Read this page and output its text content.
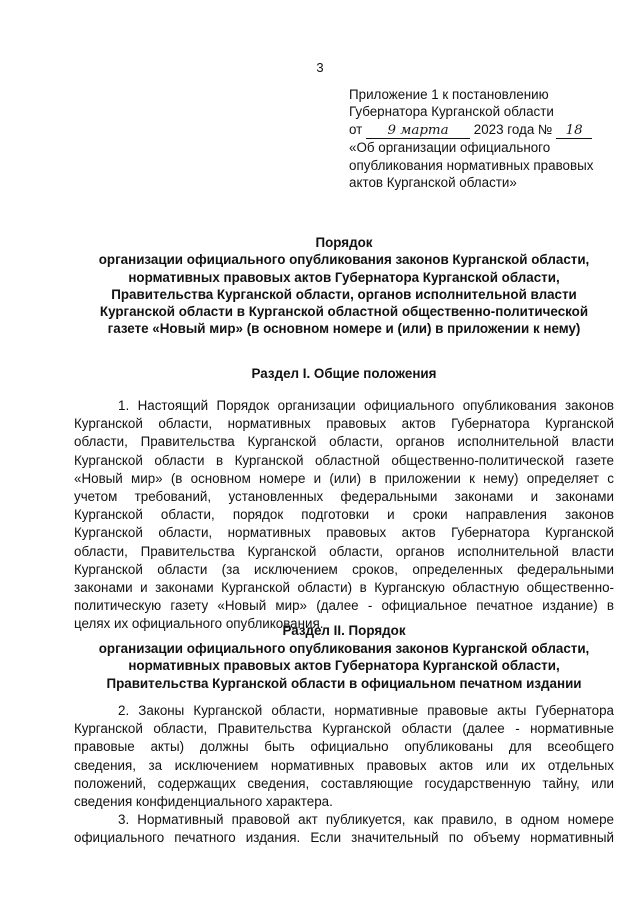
3
Приложение 1 к постановлению
Губернатора Курганской области
от 9 марта 2023 года № 18
«Об организации официального
опубликования нормативных правовых
актов Курганской области»
Порядок
организации официального опубликования законов Курганской области,
нормативных правовых актов Губернатора Курганской области,
Правительства Курганской области, органов исполнительной власти
Курганской области в Курганской областной общественно-политической
газете «Новый мир» (в основном номере и (или) в приложении к нему)
Раздел I. Общие положения
1. Настоящий Порядок организации официального опубликования законов
Курганской области, нормативных правовых актов Губернатора Курганской
области, Правительства Курганской области, органов исполнительной власти
Курганской области в Курганской областной общественно-политической газете
«Новый мир» (в основном номере и (или) в приложении к нему) определяет с
учетом требований, установленных федеральными законами и законами
Курганской области, порядок подготовки и сроки направления законов
Курганской области, нормативных правовых актов Губернатора Курганской
области, Правительства Курганской области, органов исполнительной власти
Курганской области (за исключением сроков, определенных федеральными
законами и законами Курганской области) в Курганскую областную общественно-
политическую газету «Новый мир» (далее - официальное печатное издание) в
целях их официального опубликования.
Раздел II. Порядок
организации официального опубликования законов Курганской области,
нормативных правовых актов Губернатора Курганской области,
Правительства Курганской области в официальном печатном издании
2. Законы Курганской области, нормативные правовые акты Губернатора
Курганской области, Правительства Курганской области (далее - нормативные
правовые акты) должны быть официально опубликованы для всеобщего
сведения, за исключением нормативных правовых актов или их отдельных
положений, содержащих сведения, составляющие государственную тайну, или
сведения конфиденциального характера.
3. Нормативный правовой акт публикуется, как правило, в одном номере
официального печатного издания. Если значительный по объему нормативный
